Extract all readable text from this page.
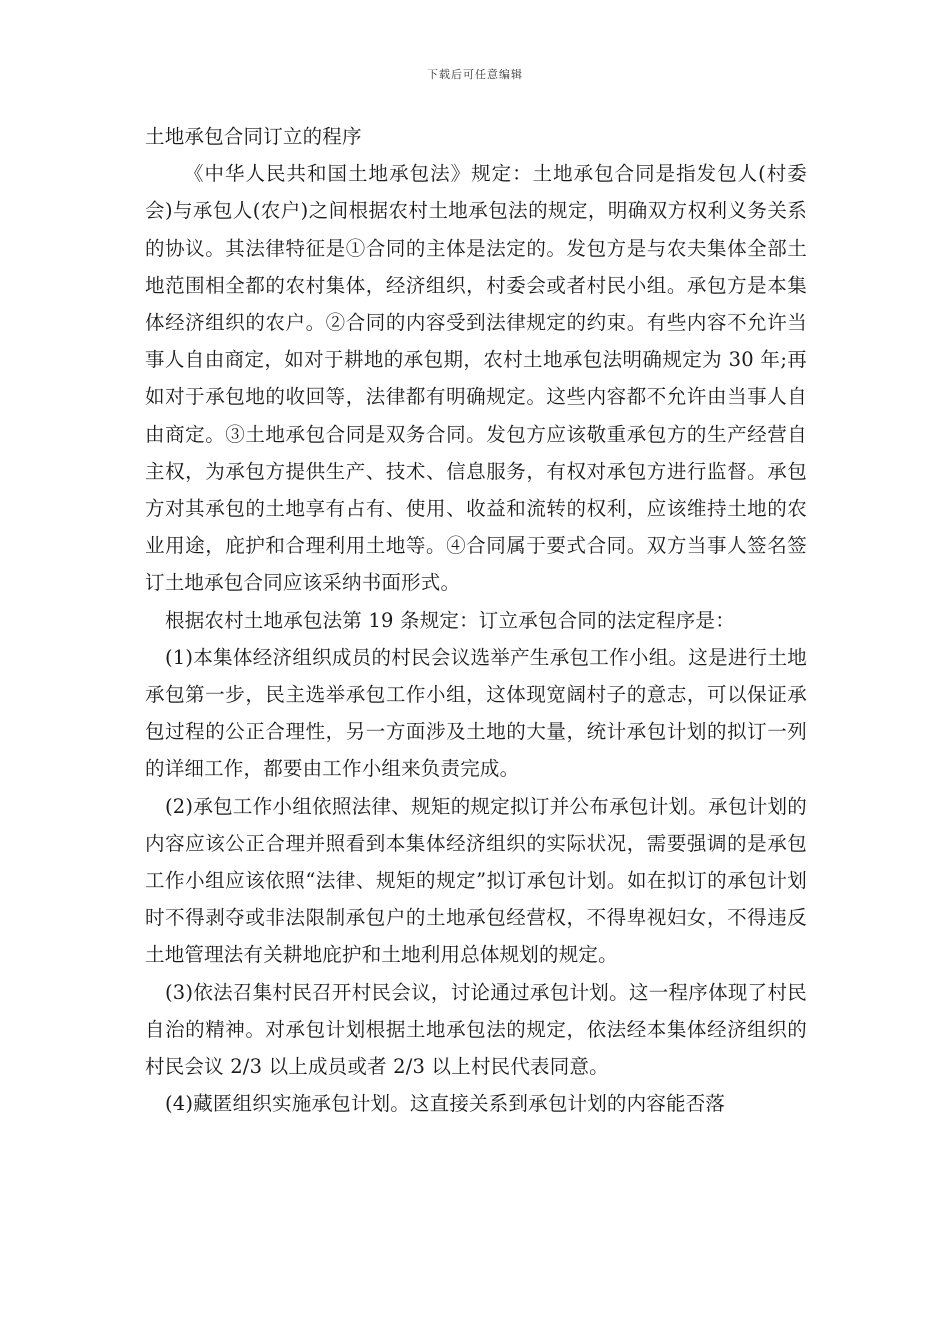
下载后可任意编辑
土地承包合同订立的程序

《中华人民共和国土地承包法》规定：土地承包合同是指发包人(村委会)与承包人(农户)之间根据农村土地承包法的规定，明确双方权利义务关系的协议。其法律特征是①合同的主体是法定的。发包方是与农夫集体全部土地范围相全都的农村集体，经济组织，村委会或者村民小组。承包方是本集体经济组织的农户。②合同的内容受到法律规定的约束。有些内容不允许当事人自由商定，如对于耕地的承包期，农村土地承包法明确规定为 30 年;再如对于承包地的收回等，法律都有明确规定。这些内容都不允许由当事人自由商定。③土地承包合同是双务合同。发包方应该敬重承包方的生产经营自主权，为承包方提供生产、技术、信息服务，有权对承包方进行监督。承包方对其承包的土地享有占有、使用、收益和流转的权利，应该维持土地的农业用途，庇护和合理利用土地等。④合同属于要式合同。双方当事人签名签订土地承包合同应该采纳书面形式。

根据农村土地承包法第 19 条规定：订立承包合同的法定程序是：

(1)本集体经济组织成员的村民会议选举产生承包工作小组。这是进行土地承包第一步，民主选举承包工作小组，这体现宽阔村子的意志，可以保证承包过程的公正合理性，另一方面涉及土地的大量，统计承包计划的拟订一列的详细工作，都要由工作小组来负责完成。

(2)承包工作小组依照法律、规矩的规定拟订并公布承包计划。承包计划的内容应该公正合理并照看到本集体经济组织的实际状况，需要强调的是承包工作小组应该依照“法律、规矩的规定”拟订承包计划。如在拟订的承包计划时不得剥夺或非法限制承包户的土地承包经营权，不得卑视妇女，不得违反土地管理法有关耕地庇护和土地利用总体规划的规定。

(3)依法召集村民召开村民会议，讨论通过承包计划。这一程序体现了村民自治的精神。对承包计划根据土地承包法的规定，依法经本集体经济组织的村民会议 2/3 以上成员或者 2/3 以上村民代表同意。

(4)藏匿组织实施承包计划。这直接关系到承包计划的内容能否落
